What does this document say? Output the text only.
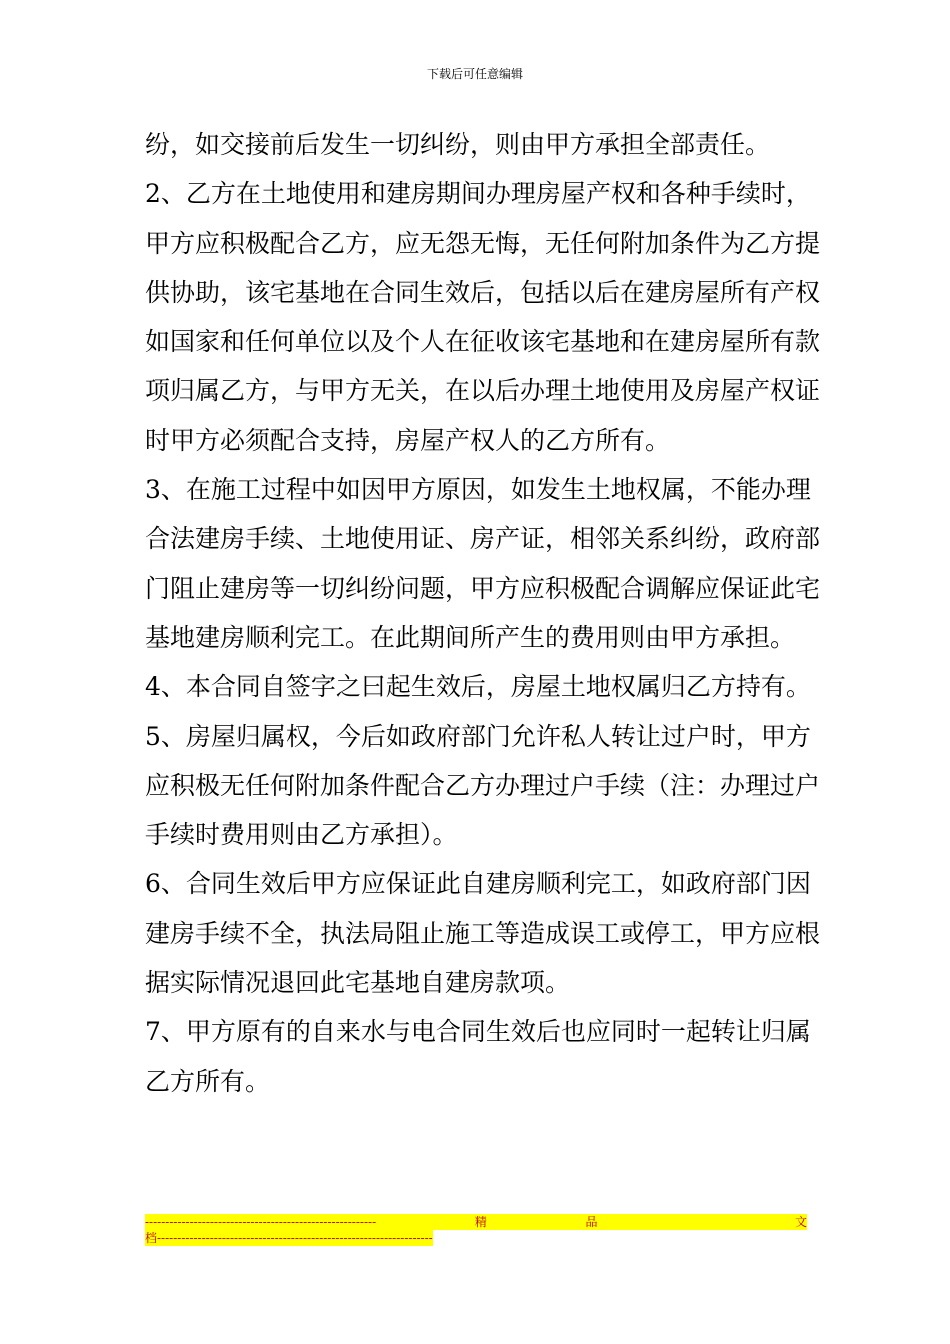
下载后可任意编辑

纷，如交接前后发生一切纠纷，则由甲方承担全部责任。

2、乙方在土地使用和建房期间办理房屋产权和各种手续时，甲方应积极配合乙方，应无怨无悔，无任何附加条件为乙方提供协助，该宅基地在合同生效后，包括以后在建房屋所有产权如国家和任何单位以及个人在征收该宅基地和在建房屋所有款项归属乙方，与甲方无关，在以后办理土地使用及房屋产权证时甲方必须配合支持，房屋产权人的乙方所有。

3、在施工过程中如因甲方原因，如发生土地权属，不能办理合法建房手续、土地使用证、房产证，相邻关系纠纷，政府部门阻止建房等一切纠纷问题，甲方应积极配合调解应保证此宅基地建房顺利完工。在此期间所产生的费用则由甲方承担。

4、本合同自签字之曰起生效后，房屋土地权属归乙方持有。

5、房屋归属权，今后如政府部门允许私人转让过户时，甲方应积极无任何附加条件配合乙方办理过户手续（注：办理过户手续时费用则由乙方承担）。

6、合同生效后甲方应保证此自建房顺利完工，如政府部门因建房手续不全，执法局阻止施工等造成误工或停工，甲方应根据实际情况退回此宅基地自建房款项。

7、甲方原有的自来水与电合同生效后也应同时一起转让归属乙方所有。

---------------------------------------------------------	精	品	文
档--------------------------------------------------------------------
